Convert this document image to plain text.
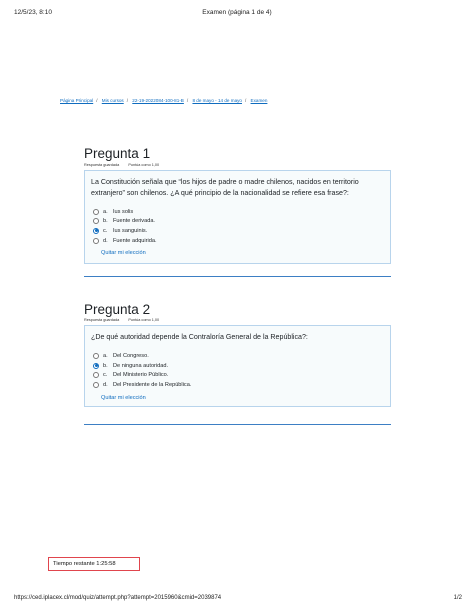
12/5/23, 8:10	Examen (página 1 de 4)
Página Principal / Mis cursos / 22-19-2022084-100-81-B / 8 de mayo - 14 de mayo / Examen
Pregunta 1
Respuesta guardada Puntúa como 1,00
La Constitución señala que “los hijos de padre o madre chilenos, nacidos en territorio extranjero” son chilenos. ¿A qué principio de la nacionalidad se refiere esa frase?:
a. Ius solis
b. Fuente derivada.
c.	Ius sanguinis.
d. Fuente adquirida.
Quitar mi elección
Pregunta 2
Respuesta guardada Puntúa como 1,00
¿De qué autoridad depende la Contraloría General de la República?:
a. Del Congreso.
b. De ninguna autoridad.
c.	Del Ministerio Público.
d. Del Presidente de la República.
Quitar mi elección
Tiempo restante 1:25:58
https://ced.iplacex.cl/mod/quiz/attempt.php?attempt=2015960&cmid=2039874	1/2
